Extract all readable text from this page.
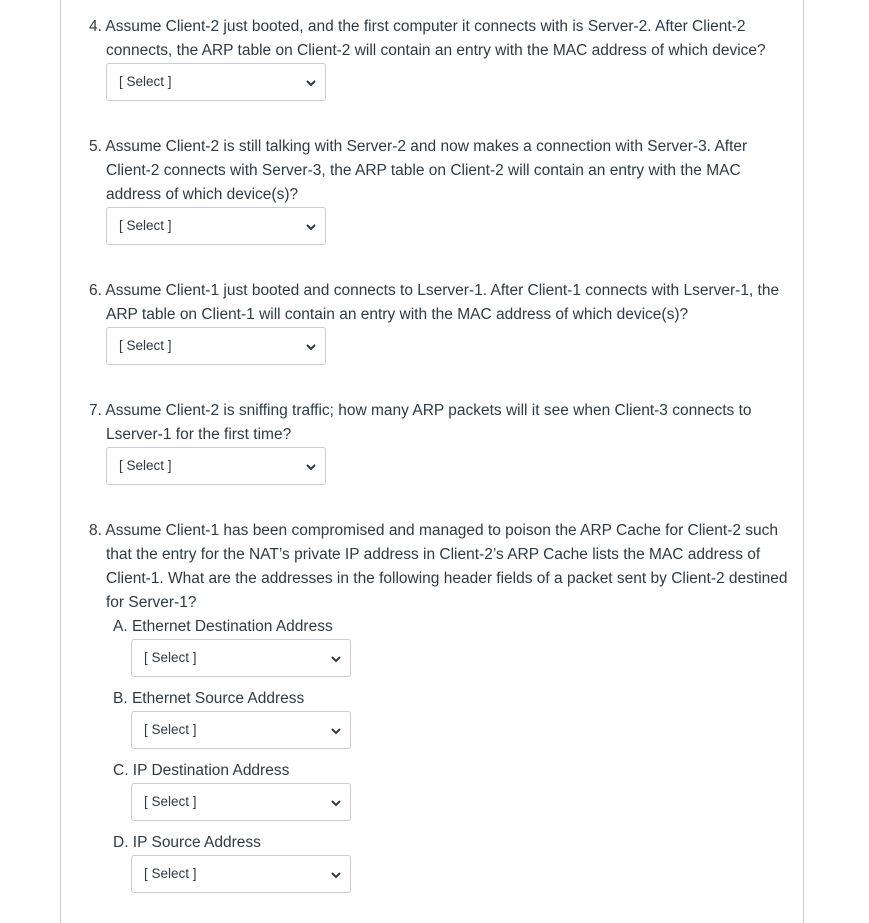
4. Assume Client-2 just booted, and the first computer it connects with is Server-2. After Client-2 connects, the ARP table on Client-2 will contain an entry with the MAC address of which device?
[ Select ]
5. Assume Client-2 is still talking with Server-2 and now makes a connection with Server-3. After Client-2 connects with Server-3, the ARP table on Client-2 will contain an entry with the MAC address of which device(s)?
[ Select ]
6. Assume Client-1 just booted and connects to Lserver-1. After Client-1 connects with Lserver-1, the ARP table on Client-1 will contain an entry with the MAC address of which device(s)?
[ Select ]
7. Assume Client-2 is sniffing traffic; how many ARP packets will it see when Client-3 connects to Lserver-1 for the first time?
[ Select ]
8. Assume Client-1 has been compromised and managed to poison the ARP Cache for Client-2 such that the entry for the NAT’s private IP address in Client-2’s ARP Cache lists the MAC address of Client-1. What are the addresses in the following header fields of a packet sent by Client-2 destined for Server-1?
A. Ethernet Destination Address
[ Select ]
B. Ethernet Source Address
[ Select ]
C. IP Destination Address
[ Select ]
D. IP Source Address
[ Select ]
